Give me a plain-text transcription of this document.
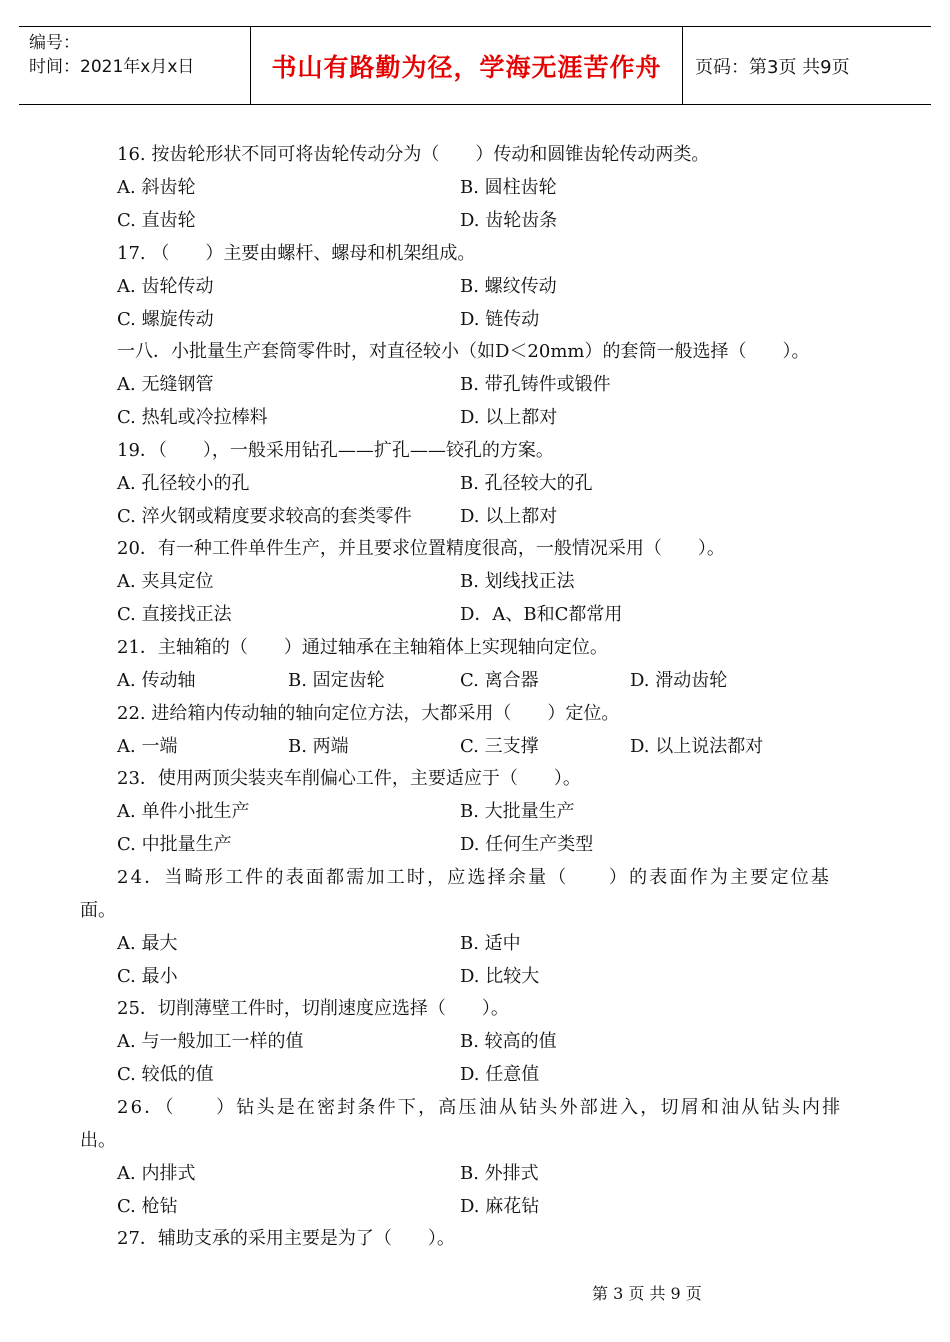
编号：
时间：2021年x月x日	书山有路勤为径，学海无涯苦作舟	页码：第3页 共9页
16. 按齿轮形状不同可将齿轮传动分为（　　）传动和圆锥齿轮传动两类。
A. 斜齿轮	B. 圆柱齿轮
C. 直齿轮	D. 齿轮齿条
17. （　　）主要由螺杆、螺母和机架组成。
A. 齿轮传动	B. 螺纹传动
C. 螺旋传动	D. 链传动
一八．小批量生产套筒零件时，对直径较小（如D＜20mm）的套筒一般选择（　　）。
A. 无缝钢管	B. 带孔铸件或锻件
C. 热轧或冷拉棒料	D. 以上都对
19．（　　），一般采用钻孔——扩孔——铰孔的方案。
A. 孔径较小的孔	B. 孔径较大的孔
C. 淬火钢或精度要求较高的套类零件	D. 以上都对
20．有一种工件单件生产，并且要求位置精度很高，一般情况采用（　　）。
A. 夹具定位	B. 划线找正法
C. 直接找正法	D．A、B和C都常用
21．主轴箱的（　　）通过轴承在主轴箱体上实现轴向定位。
A. 传动轴	B. 固定齿轮	C. 离合器	D. 滑动齿轮
22. 进给箱内传动轴的轴向定位方法，大都采用（　　）定位。
A. 一端	B. 两端	C. 三支撑	D. 以上说法都对
23．使用两顶尖装夹车削偏心工件，主要适应于（　　）。
A. 单件小批生产	B. 大批量生产
C. 中批量生产	D. 任何生产类型
24．当畸形工件的表面都需加工时，应选择余量（　　）的表面作为主要定位基
面。
A. 最大	B. 适中
C. 最小	D. 比较大
25．切削薄壁工件时，切削速度应选择（　　）。
A. 与一般加工一样的值	B. 较高的值
C. 较低的值	D. 任意值
26．（　　）钻头是在密封条件下，高压油从钻头外部进入，切屑和油从钻头内排
出。
A. 内排式	B. 外排式
C. 枪钻	D. 麻花钻
27．辅助支承的采用主要是为了（　　）。
第 3 页 共 9 页
